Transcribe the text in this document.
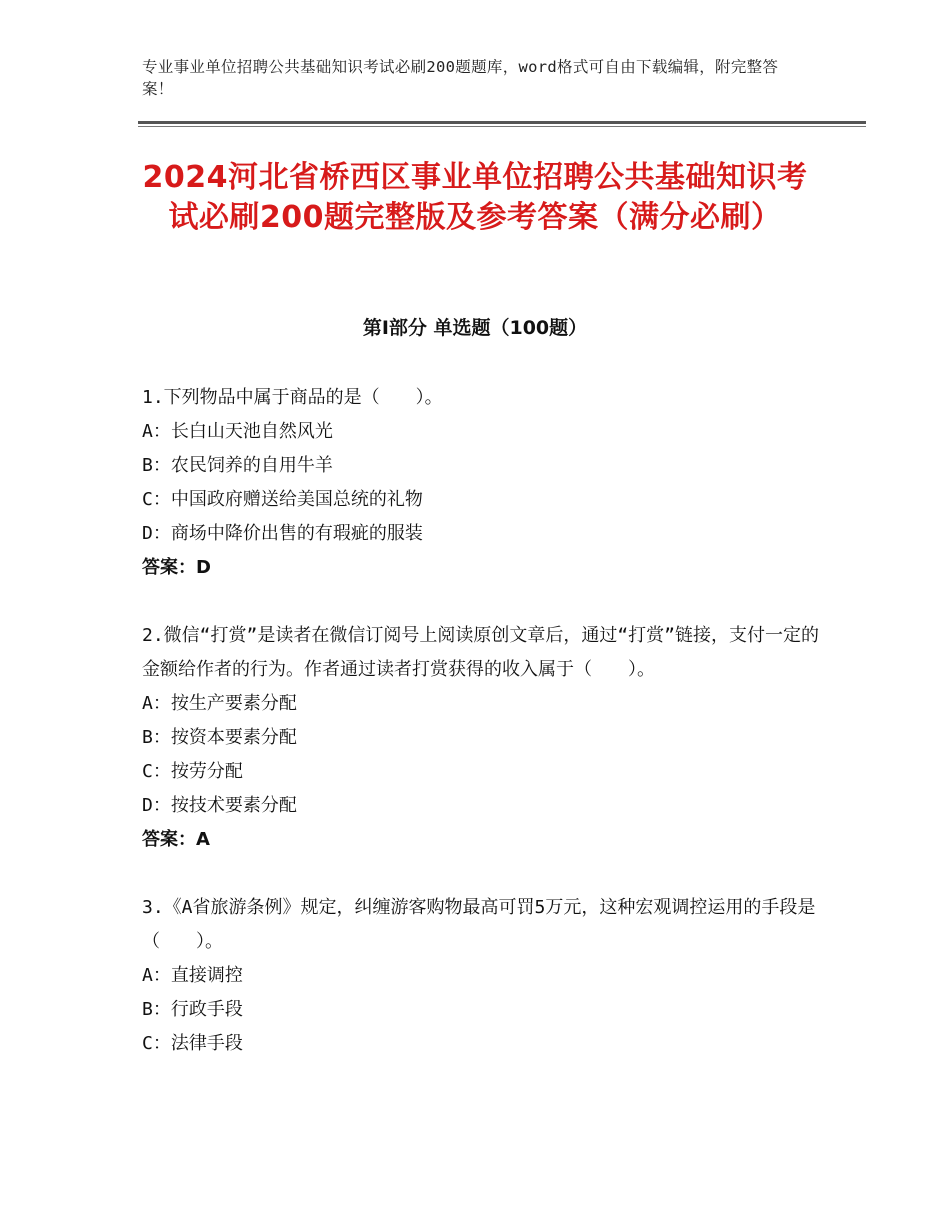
专业事业单位招聘公共基础知识考试必刷200题题库，word格式可自由下载编辑，附完整答案！
2024河北省桥西区事业单位招聘公共基础知识考试必刷200题完整版及参考答案（满分必刷）
第Ⅰ部分 单选题（100题）
1.下列物品中属于商品的是（　　）。
A：长白山天池自然风光
B：农民饲养的自用牛羊
C：中国政府赠送给美国总统的礼物
D：商场中降价出售的有瑕疵的服装
答案：D
2.微信“打赏”是读者在微信订阅号上阅读原创文章后，通过“打赏”链接，支付一定的金额给作者的行为。作者通过读者打赏获得的收入属于（　　）。
A：按生产要素分配
B：按资本要素分配
C：按劳分配
D：按技术要素分配
答案：A
3.《A省旅游条例》规定，纠缠游客购物最高可罚5万元，这种宏观调控运用的手段是（　　）。
A：直接调控
B：行政手段
C：法律手段
